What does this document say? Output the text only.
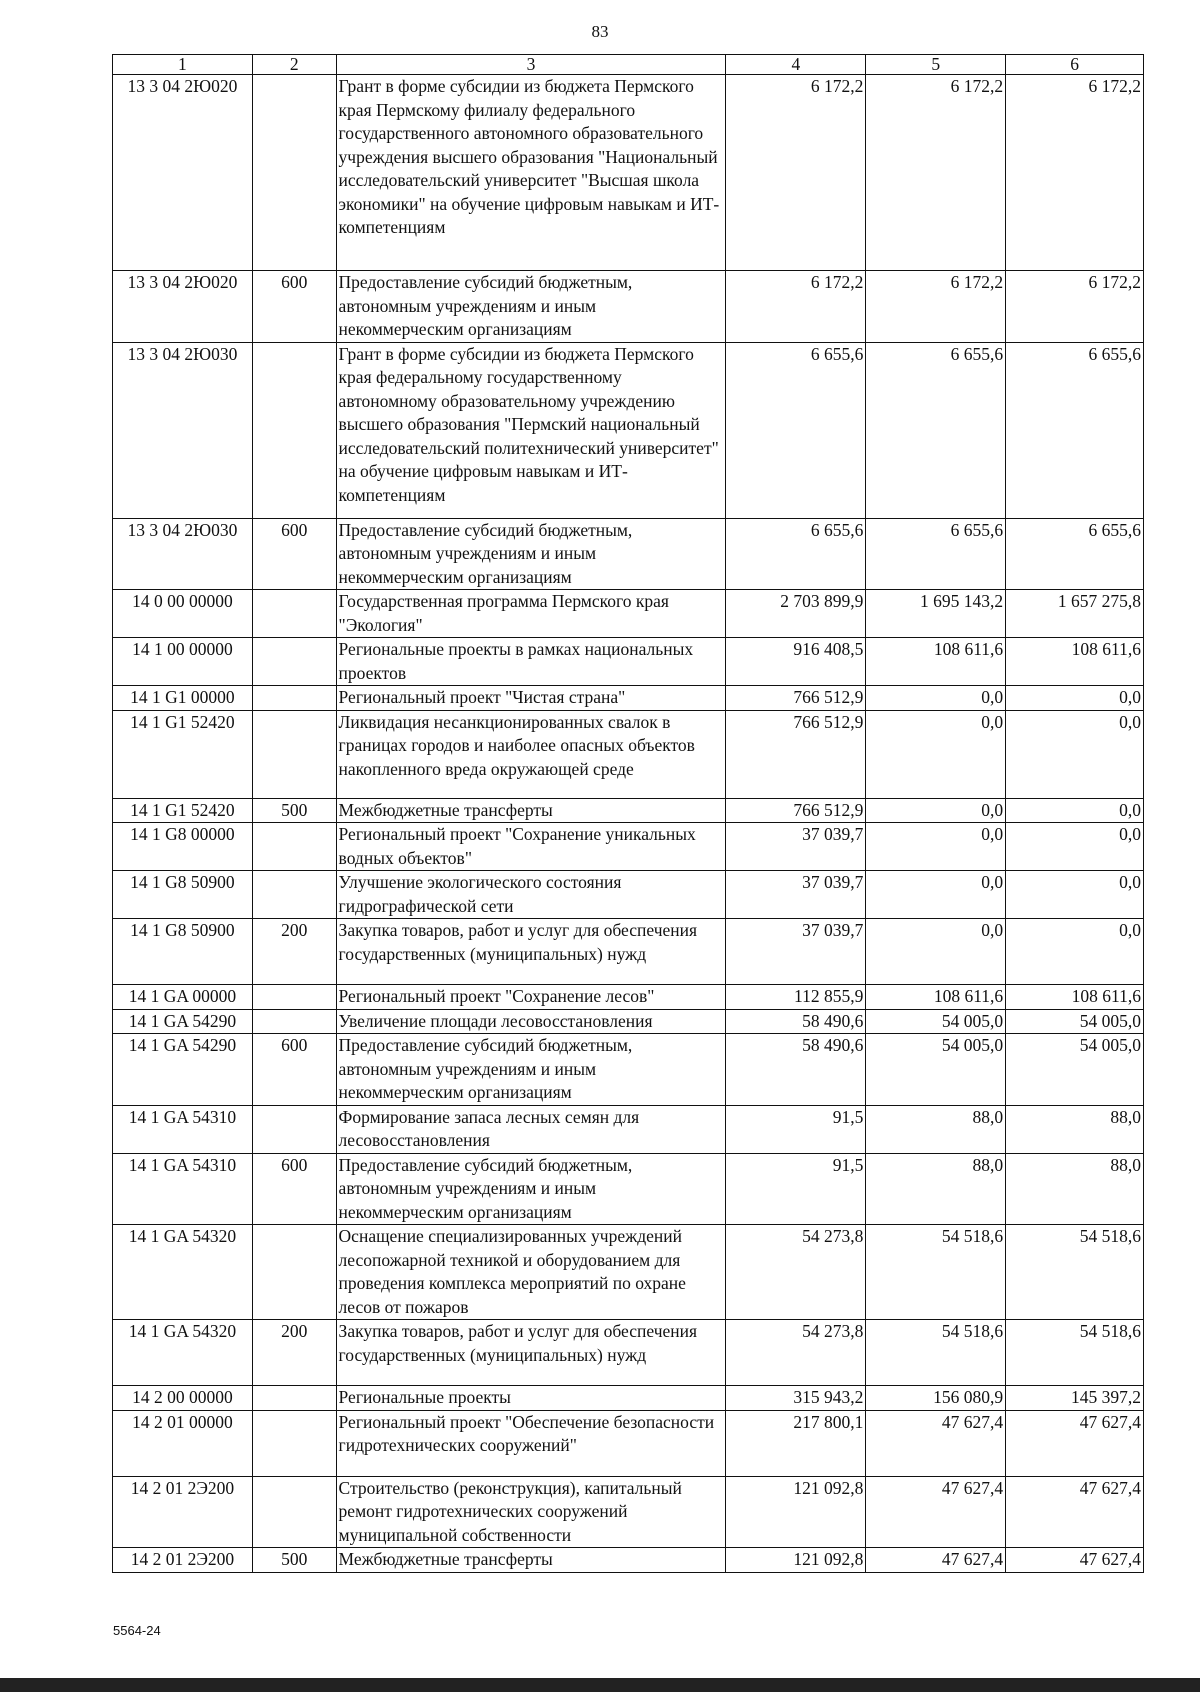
83
1	2	3	4	5	6
13 3 04 2Ю020		Грант в форме субсидии из бюджета Пермского края Пермскому филиалу федерального государственного автономного образовательного учреждения высшего образования "Национальный исследовательский университет "Высшая школа экономики" на обучение цифровым навыкам и ИТ-компетенциям	6 172,2	6 172,2	6 172,2
13 3 04 2Ю020	600	Предоставление субсидий бюджетным, автономным учреждениям и иным некоммерческим организациям	6 172,2	6 172,2	6 172,2
13 3 04 2Ю030		Грант в форме субсидии из бюджета Пермского края федеральному государственному автономному образовательному учреждению высшего образования "Пермский национальный исследовательский политехнический университет" на обучение цифровым навыкам и ИТ-компетенциям	6 655,6	6 655,6	6 655,6
13 3 04 2Ю030	600	Предоставление субсидий бюджетным, автономным учреждениям и иным некоммерческим организациям	6 655,6	6 655,6	6 655,6
14 0 00 00000		Государственная программа Пермского края "Экология"	2 703 899,9	1 695 143,2	1 657 275,8
14 1 00 00000		Региональные проекты в рамках национальных проектов	916 408,5	108 611,6	108 611,6
14 1 G1 00000		Региональный проект "Чистая страна"	766 512,9	0,0	0,0
14 1 G1 52420		Ликвидация несанкционированных свалок в границах городов и наиболее опасных объектов накопленного вреда окружающей среде	766 512,9	0,0	0,0
14 1 G1 52420	500	Межбюджетные трансферты	766 512,9	0,0	0,0
14 1 G8 00000		Региональный проект "Сохранение уникальных водных объектов"	37 039,7	0,0	0,0
14 1 G8 50900		Улучшение экологического состояния гидрографической сети	37 039,7	0,0	0,0
14 1 G8 50900	200	Закупка товаров, работ и услуг для обеспечения государственных (муниципальных) нужд	37 039,7	0,0	0,0
14 1 GA 00000		Региональный проект "Сохранение лесов"	112 855,9	108 611,6	108 611,6
14 1 GA 54290		Увеличение площади лесовосстановления	58 490,6	54 005,0	54 005,0
14 1 GA 54290	600	Предоставление субсидий бюджетным, автономным учреждениям и иным некоммерческим организациям	58 490,6	54 005,0	54 005,0
14 1 GA 54310		Формирование запаса лесных семян для лесовосстановления	91,5	88,0	88,0
14 1 GA 54310	600	Предоставление субсидий бюджетным, автономным учреждениям и иным некоммерческим организациям	91,5	88,0	88,0
14 1 GA 54320		Оснащение специализированных учреждений лесопожарной техникой и оборудованием для проведения комплекса мероприятий по охране лесов от пожаров	54 273,8	54 518,6	54 518,6
14 1 GA 54320	200	Закупка товаров, работ и услуг для обеспечения государственных (муниципальных) нужд	54 273,8	54 518,6	54 518,6
14 2 00 00000		Региональные проекты	315 943,2	156 080,9	145 397,2
14 2 01 00000		Региональный проект "Обеспечение безопасности гидротехнических сооружений"	217 800,1	47 627,4	47 627,4
14 2 01 2Э200		Строительство (реконструкция), капитальный ремонт гидротехнических сооружений муниципальной собственности	121 092,8	47 627,4	47 627,4
14 2 01 2Э200	500	Межбюджетные трансферты	121 092,8	47 627,4	47 627,4
5564-24
